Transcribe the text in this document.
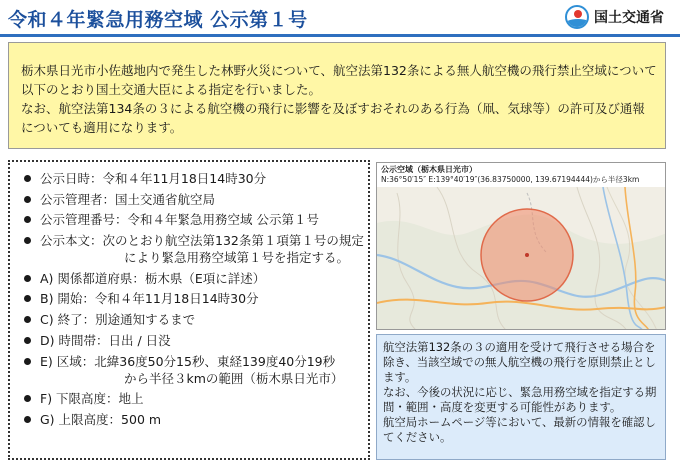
令和４年緊急用務空域 公示第１号	国土交通省

栃木県日光市小佐越地内で発生した林野火災について、航空法第132条による無人航空機の飛行禁止空域について以下のとおり国土交通大臣による指定を行いました。

なお、航空法第134条の３による航空機の飛行に影響を及ぼすおそれのある行為（凧、気球等）の許可及び通報についても適用になります。

公示日時：令和４年11月18日14時30分
公示管理者：国土交通省航空局
公示管理番号：令和４年緊急用務空域 公示第１号
公示本文：次のとおり航空法第132条第１項第１号の規定
により緊急用務空域第１号を指定する。
A) 関係都道府県：栃木県（E項に詳述）
B) 開始：令和４年11月18日14時30分
C) 終了：別途通知するまで
D) 時間帯：日出 / 日没
E) 区域：北緯36度50分15秒、東経139度40分19秒
から半径３kmの範囲（栃木県日光市）
F) 下限高度：地上
G) 上限高度：500 m
公示空域（栃木県日光市）
N:36°50′15″ E:139°40′19″(36.83750000, 139.67194444)から半径3km

航空法第132条の３の適用を受けて飛行させる場合を除き、当該空域での無人航空機の飛行を原則禁止とします。

なお、今後の状況に応じ、緊急用務空域を指定する期間・範囲・高度を変更する可能性があります。

航空局ホームページ等において、最新の情報を確認してください。
